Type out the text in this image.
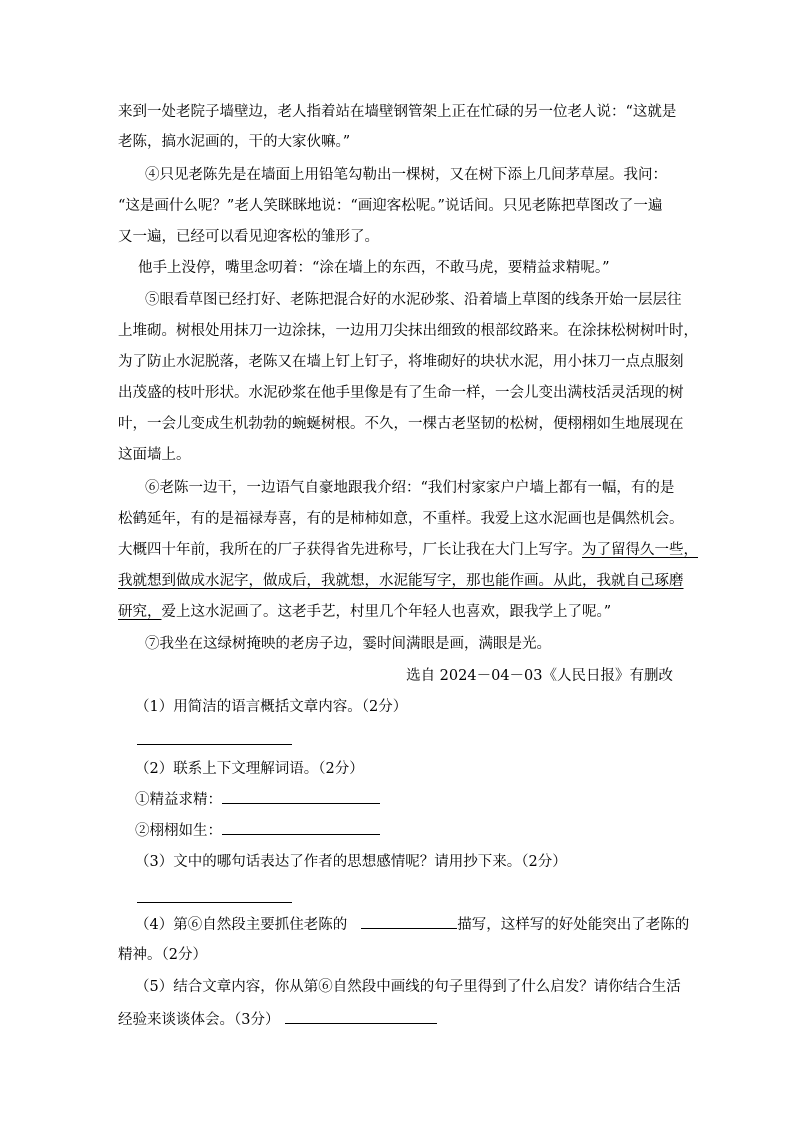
来到一处老院子墙壁边，老人指着站在墙壁钢管架上正在忙碌的另一位老人说：“这就是
老陈，搞水泥画的，干的大家伙嘛。”
④只见老陈先是在墙面上用铅笔勾勒出一棵树，又在树下添上几间茅草屋。我问：
“这是画什么呢？”老人笑眯眯地说：“画迎客松呢。”说话间。只见老陈把草图改了一遍
又一遍，已经可以看见迎客松的雏形了。
他手上没停，嘴里念叨着：“涂在墙上的东西，不敢马虎，要精益求精呢。”
⑤眼看草图已经打好、老陈把混合好的水泥砂浆、沿着墙上草图的线条开始一层层往
上堆砌。树根处用抹刀一边涂抹，一边用刀尖抹出细致的根部纹路来。在涂抹松树树叶时，
为了防止水泥脱落，老陈又在墙上钉上钉子，将堆砌好的块状水泥，用小抹刀一点点服刻
出茂盛的枝叶形状。水泥砂浆在他手里像是有了生命一样，一会儿变出满枝活灵活现的树
叶，一会儿变成生机勃勃的蜿蜒树根。不久，一棵古老坚韧的松树，便栩栩如生地展现在
这面墙上。
⑥老陈一边干，一边语气自豪地跟我介绍：“我们村家家户户墙上都有一幅，有的是
松鹤延年，有的是福禄寿喜，有的是柿柿如意，不重样。我爱上这水泥画也是偶然机会。
大概四十年前，我所在的厂子获得省先进称号，厂长让我在大门上写字。为了留得久一些，
我就想到做成水泥字，做成后，我就想，水泥能写字，那也能作画。从此，我就自己琢磨
研究，爱上这水泥画了。这老手艺，村里几个年轻人也喜欢，跟我学上了呢。”
⑦我坐在这绿树掩映的老房子边，霎时间满眼是画，满眼是光。
选自 2024－04－03《人民日报》有删改
（1）用简洁的语言概括文章内容。（2分）
（2）联系上下文理解词语。（2分）
①精益求精：
②栩栩如生：
（3）文中的哪句话表达了作者的思想感情呢？请用抄下来。（2分）
（4）第⑥自然段主要抓住老陈的	描写，这样写的好处能突出了老陈的
精神。（2分）
（5）结合文章内容，你从第⑥自然段中画线的句子里得到了什么启发？请你结合生活
经验来谈谈体会。（3分）
